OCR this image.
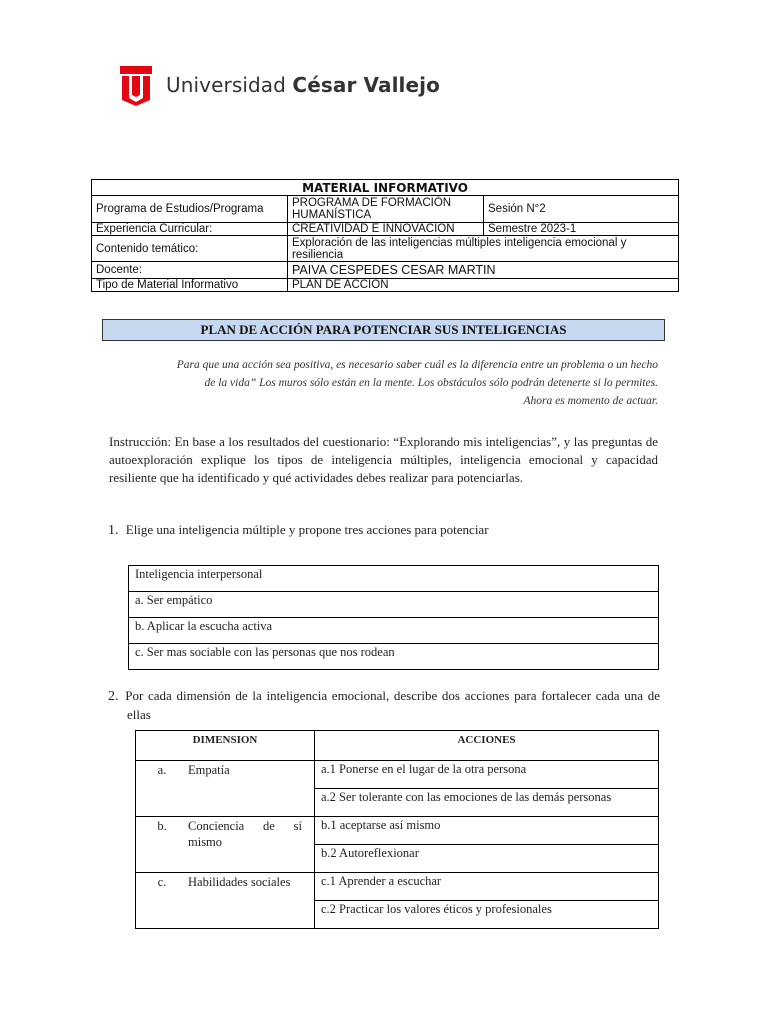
Universidad César Vallejo
MATERIAL INFORMATIVO		
Programa de Estudios/Programa	PROGRAMA DE FORMACIÓN HUMANÍSTICA	Sesión N°2
Experiencia Curricular:	CREATIVIDAD E INNOVACIÓN	Semestre 2023-1
Contenido temático:	Exploración de las inteligencias múltiples inteligencia emocional y resiliencia	
Docente:	PAIVA CESPEDES CESAR MARTIN	
Tipo de Material Informativo	PLAN DE ACCIÓN	
PLAN DE ACCIÓN PARA POTENCIAR SUS INTELIGENCIAS
Para que una acción sea positiva, es necesario saber cuál es la diferencia entre un problema o un hecho
de la vida” Los muros sólo están en la mente. Los obstáculos sólo podrán detenerte si lo permites.
Ahora es momento de actuar.
Instrucción: En base a los resultados del cuestionario: “Explorando mis inteligencias”, y las preguntas de autoexploración explique los tipos de inteligencia múltiples, inteligencia emocional y capacidad resiliente que ha identificado y qué actividades debes realizar para potenciarlas.
1. Elige una inteligencia múltiple y propone tres acciones para potenciar
Inteligencia interpersonal
a. Ser empático
b. Aplicar la escucha activa
c. Ser mas sociable con las personas que nos rodean
2. Por cada dimensión de la inteligencia emocional, describe dos acciones para fortalecer cada una de ellas
DIMENSION	ACCIONES

a. Empatía	a.1 Ponerse en el lugar de la otra persona
	a.2 Ser tolerante con las emociones de las demás personas

b. Conciencia de sí
mismo	b.1 aceptarse así mismo
	b.2 Autoreflexionar

c. Habilidades sociales	c.1 Aprender a escuchar
	c.2 Practicar los valores éticos y profesionales
